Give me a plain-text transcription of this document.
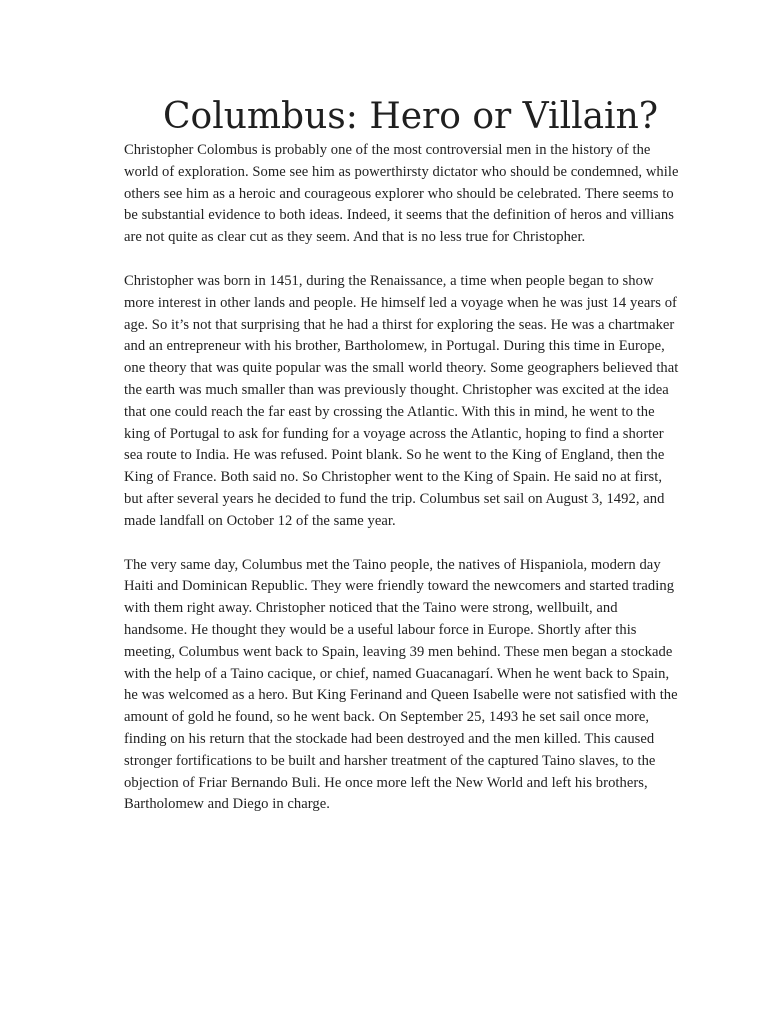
Columbus: Hero or Villain?

Christopher Colombus is probably one of the most controversial men in the history of the world of exploration. Some see him as powerthirsty dictator who should be condemned, while others see him as a heroic and courageous explorer who should be celebrated. There seems to be substantial evidence to both ideas. Indeed, it seems that the definition of heros and villians are not quite as clear cut as they seem. And that is no less true for Christopher.

Christopher was born in 1451, during the Renaissance, a time when people began to show more interest in other lands and people. He himself led a voyage when he was just 14 years of age. So it’s not that surprising that he had a thirst for exploring the seas. He was a chartmaker and an entrepreneur with his brother, Bartholomew, in Portugal. During this time in Europe, one theory that was quite popular was the small world theory. Some geographers believed that the earth was much smaller than was previously thought. Christopher was excited at the idea that one could reach the far east by crossing the Atlantic. With this in mind, he went to the king of Portugal to ask for funding for a voyage across the Atlantic, hoping to find a shorter sea route to India. He was refused. Point blank. So he went to the King of England, then the King of France. Both said no. So Christopher went to the King of Spain. He said no at first, but after several years he decided to fund the trip. Columbus set sail on August 3, 1492, and made landfall on October 12 of the same year.

The very same day, Columbus met the Taino people, the natives of Hispaniola, modern day Haiti and Dominican Republic. They were friendly toward the newcomers and started trading with them right away. Christopher noticed that the Taino were strong, wellbuilt, and handsome. He thought they would be a useful labour force in Europe. Shortly after this meeting, Columbus went back to Spain, leaving 39 men behind. These men began a stockade with the help of a Taino cacique, or chief, named Guacanagarí. When he went back to Spain, he was welcomed as a hero. But King Ferinand and Queen Isabelle were not satisfied with the amount of gold he found, so he went back. On September 25, 1493 he set sail once more, finding on his return that the stockade had been destroyed and the men killed. This caused stronger fortifications to be built and harsher treatment of the captured Taino slaves, to the objection of Friar Bernando Buli. He once more left the New World and left his brothers, Bartholomew and Diego in charge.
